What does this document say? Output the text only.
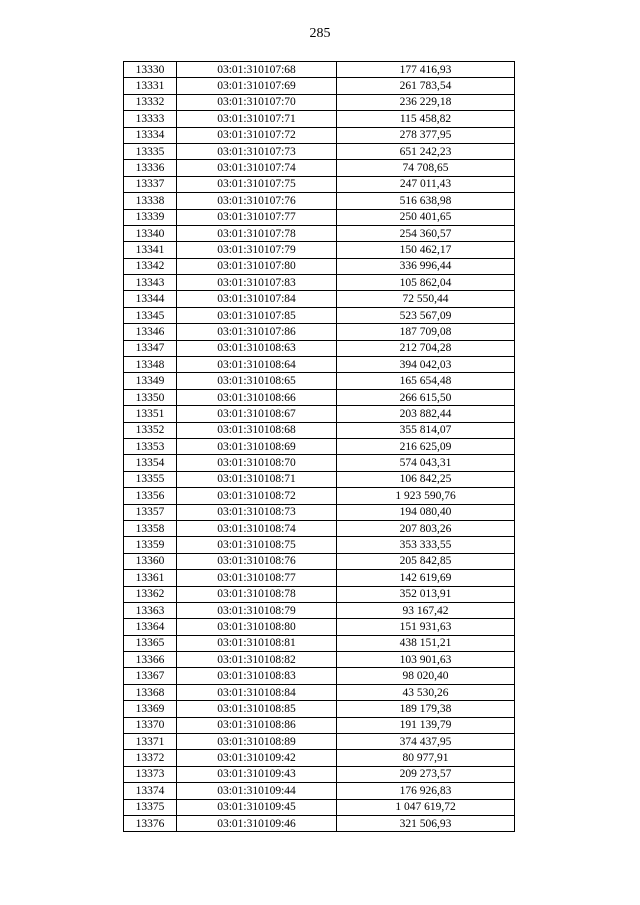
285
13330	03:01:310107:68	177 416,93
13331	03:01:310107:69	261 783,54
13332	03:01:310107:70	236 229,18
13333	03:01:310107:71	115 458,82
13334	03:01:310107:72	278 377,95
13335	03:01:310107:73	651 242,23
13336	03:01:310107:74	74 708,65
13337	03:01:310107:75	247 011,43
13338	03:01:310107:76	516 638,98
13339	03:01:310107:77	250 401,65
13340	03:01:310107:78	254 360,57
13341	03:01:310107:79	150 462,17
13342	03:01:310107:80	336 996,44
13343	03:01:310107:83	105 862,04
13344	03:01:310107:84	72 550,44
13345	03:01:310107:85	523 567,09
13346	03:01:310107:86	187 709,08
13347	03:01:310108:63	212 704,28
13348	03:01:310108:64	394 042,03
13349	03:01:310108:65	165 654,48
13350	03:01:310108:66	266 615,50
13351	03:01:310108:67	203 882,44
13352	03:01:310108:68	355 814,07
13353	03:01:310108:69	216 625,09
13354	03:01:310108:70	574 043,31
13355	03:01:310108:71	106 842,25
13356	03:01:310108:72	1 923 590,76
13357	03:01:310108:73	194 080,40
13358	03:01:310108:74	207 803,26
13359	03:01:310108:75	353 333,55
13360	03:01:310108:76	205 842,85
13361	03:01:310108:77	142 619,69
13362	03:01:310108:78	352 013,91
13363	03:01:310108:79	93 167,42
13364	03:01:310108:80	151 931,63
13365	03:01:310108:81	438 151,21
13366	03:01:310108:82	103 901,63
13367	03:01:310108:83	98 020,40
13368	03:01:310108:84	43 530,26
13369	03:01:310108:85	189 179,38
13370	03:01:310108:86	191 139,79
13371	03:01:310108:89	374 437,95
13372	03:01:310109:42	80 977,91
13373	03:01:310109:43	209 273,57
13374	03:01:310109:44	176 926,83
13375	03:01:310109:45	1 047 619,72
13376	03:01:310109:46	321 506,93
